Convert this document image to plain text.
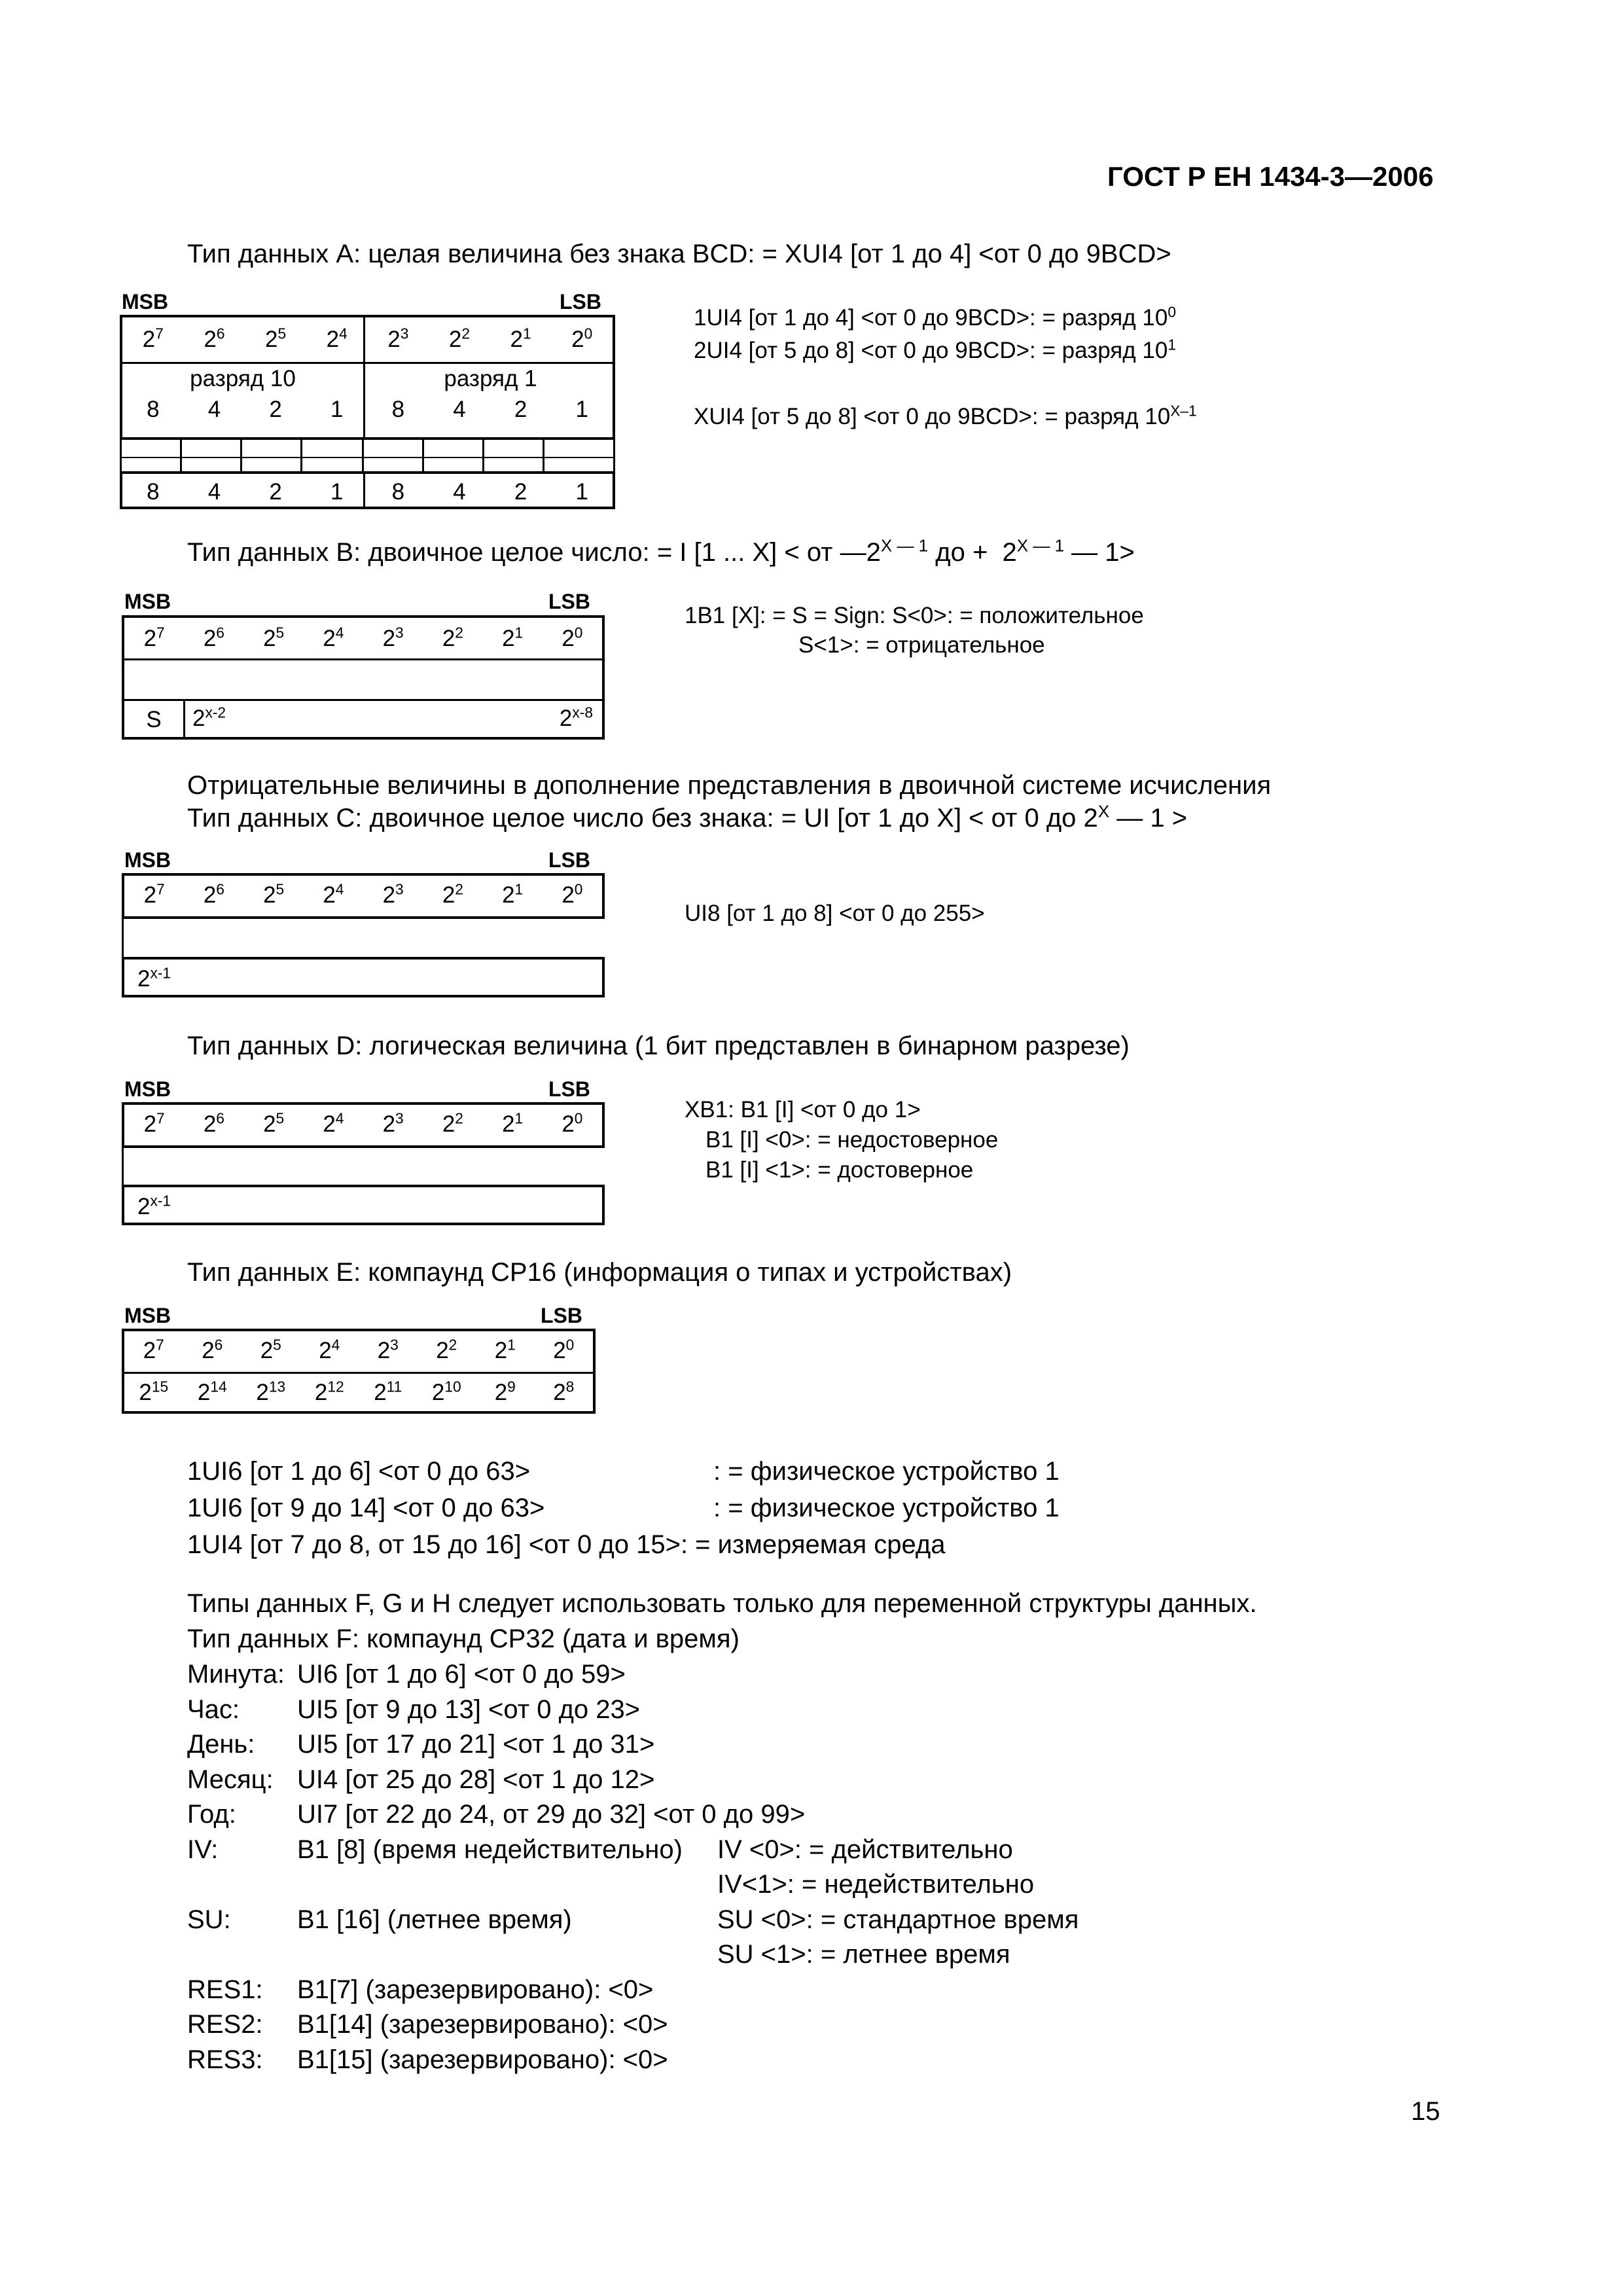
ГОСТ Р ЕН 1434-3—2006
Тип данных А: целая величина без знака BCD: = XUI4 [от 1 до 4] <от 0 до 9BCD>
MSB	LSB
$2^7$	$2^6$	$2^5$	$2^4$	$2^3$	$2^2$	$2^1$	$2^0$
разряд 10	разряд 1
8	4	2	1	8	4	2	1
8	4	2	1	8	4	2	1
1UI4 [от 1 до 4] <от 0 до 9BCD>: = разряд $10^0$
2UI4 [от 5 до 8] <от 0 до 9BCD>: = разряд $10^1$
XUI4 [от 5 до 8] <от 0 до 9BCD>: = разряд $10^{X-1}$
Тип данных В: двоичное целое число: = I [1 ... X] < от $—2^{X — 1}$ до +  $2^{X — 1}$ — 1>
MSB	LSB
$2^7$	$2^6$	$2^5$	$2^4$	$2^3$	$2^2$	$2^1$	$2^0$
S	2$^{x-2}$	2$^{x-8}$
1B1 [X]: = S = Sign: S<0>: = положительное
S<1>: = отрицательное
Отрицательные величины в дополнение представления в двоичной системе исчисления
Тип данных С: двоичное целое число без знака: = UI [от 1 до X] < от 0 до $2^X$ — 1 >
MSB	LSB
$2^7$	$2^6$	$2^5$	$2^4$	$2^3$	$2^2$	$2^1$	$2^0$
2$^{x-1}$
UI8 [от 1 до 8] <от 0 до 255>
Тип данных D: логическая величина (1 бит представлен в бинарном разрезе)
MSB	LSB
$2^7$	$2^6$	$2^5$	$2^4$	$2^3$	$2^2$	$2^1$	$2^0$
2$^{x-1}$
XB1: B1 [I] <от 0 до 1>
B1 [I] <0>: = недостоверное
B1 [I] <1>: = достоверное
Тип данных E: компаунд CP16 (информация о типах и устройствах)
MSB	LSB
$2^7$	$2^6$	$2^5$	$2^4$	$2^3$	$2^2$	$2^1$	$2^0$
$2^{15}$	$2^{14}$	$2^{13}$	$2^{12}$	$2^{11}$	$2^{10}$	$2^9$	$2^8$
1UI6 [от 1 до 6] <от 0 до 63>	: = физическое устройство 1
1UI6 [от 9 до 14] <от 0 до 63>	: = физическое устройство 1
1UI4 [от 7 до 8, от 15 до 16] <от 0 до 15>: = измеряемая среда
Типы данных F, G и H следует использовать только для переменной структуры данных.
Тип данных F: компаунд CP32 (дата и время)
Минута: UI6 [от 1 до 6] <от 0 до 59>
Час: UI5 [от 9 до 13] <от 0 до 23>
День: UI5 [от 17 до 21] <от 1 до 31>
Месяц: UI4 [от 25 до 28] <от 1 до 12>
Год: UI7 [от 22 до 24, от 29 до 32] <от 0 до 99>
IV:	B1 [8] (время недействительно) IV <0>: = действительно
IV<1>: = недействительно
SU:	B1 [16] (летнее время)	SU <0>: = стандартное время
SU <1>: = летнее время
RES1: B1[7] (зарезервировано): <0>
RES2: B1[14] (зарезервировано): <0>
RES3: B1[15] (зарезервировано): <0>
15
